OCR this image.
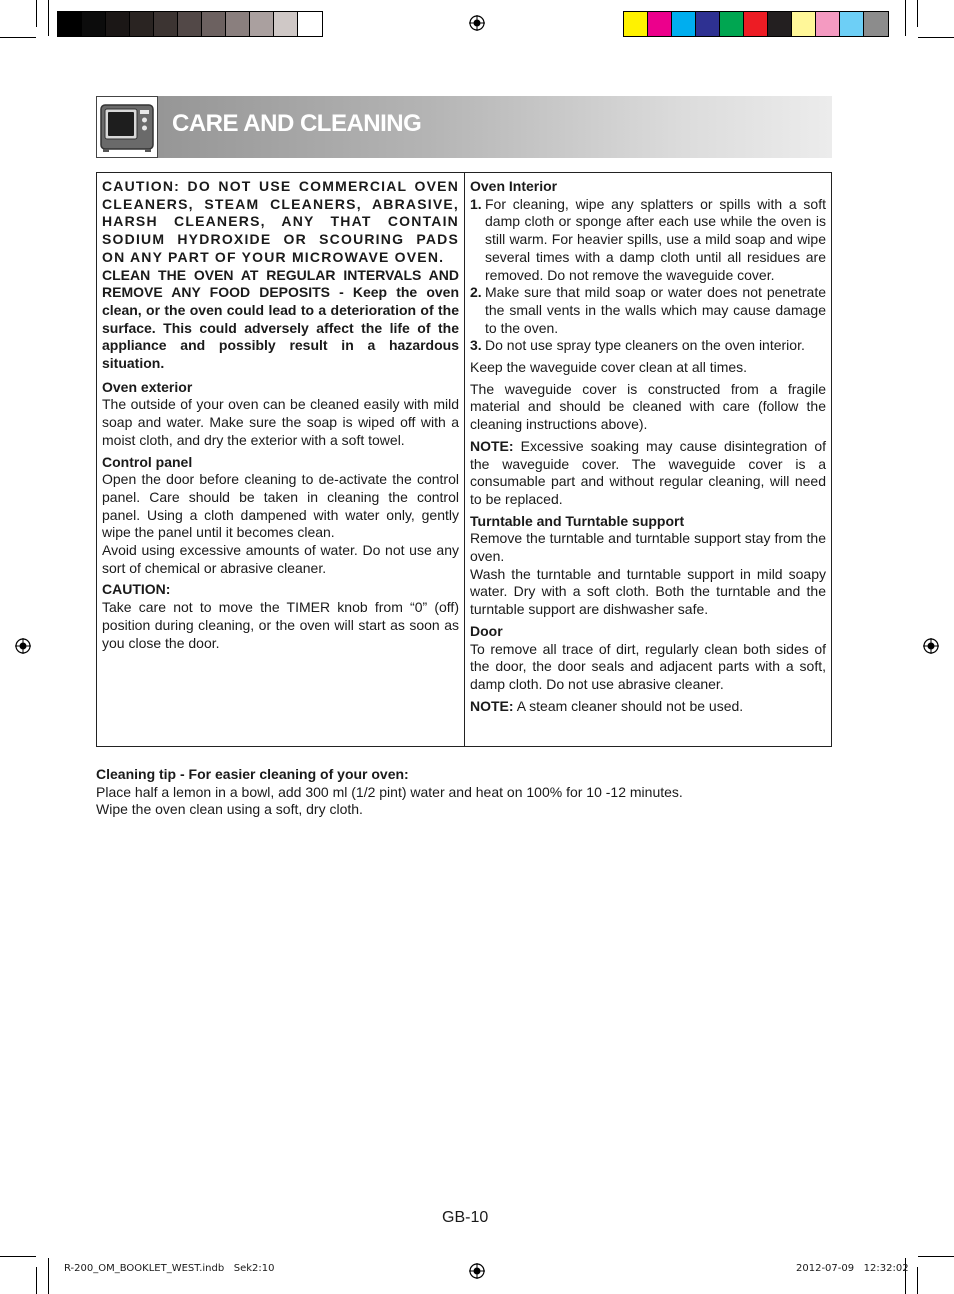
CARE AND CLEANING

CAUTION: DO NOT USE COMMERCIAL OVEN CLEANERS, STEAM CLEANERS, ABRASIVE, HARSH CLEANERS, ANY THAT CONTAIN SODIUM HYDROXIDE OR SCOURING PADS ON ANY PART OF YOUR MICROWAVE OVEN.

CLEAN THE OVEN AT REGULAR INTERVALS AND REMOVE ANY FOOD DEPOSITS - Keep the oven clean, or the oven could lead to a deterioration of the surface. This could adversely affect the life of the appliance and possibly result in a hazardous situation.

Oven exterior

The outside of your oven can be cleaned easily with mild soap and water. Make sure the soap is wiped off with a moist cloth, and dry the exterior with a soft towel.

Control panel

Open the door before cleaning to de-activate the control panel. Care should be taken in cleaning the control panel. Using a cloth dampened with water only, gently wipe the panel until it becomes clean.

Avoid using excessive amounts of water. Do not use any sort of chemical or abrasive cleaner.

CAUTION:

Take care not to move the TIMER knob from “0” (off) position during cleaning, or the oven will start as soon as you close the door.

Oven Interior

1. For cleaning, wipe any splatters or spills with a soft damp cloth or sponge after each use while the oven is still warm. For heavier spills, use a mild soap and wipe several times with a damp cloth until all residues are removed. Do not remove the waveguide cover.
2. Make sure that mild soap or water does not penetrate the small vents in the walls which may cause damage to the oven.
3. Do not use spray type cleaners on the oven interior.

Keep the waveguide cover clean at all times.

The waveguide cover is constructed from a fragile material and should be cleaned with care (follow the cleaning instructions above).

NOTE: Excessive soaking may cause disintegration of the waveguide cover. The waveguide cover is a consumable part and without regular cleaning, will need to be replaced.

Turntable and Turntable support

Remove the turntable and turntable support stay from the oven.

Wash the turntable and turntable support in mild soapy water. Dry with a soft cloth. Both the turntable and the turntable support are dishwasher safe.

Door

To remove all trace of dirt, regularly clean both sides of the door, the door seals and adjacent parts with a soft, damp cloth. Do not use abrasive cleaner.

NOTE: A steam cleaner should not be used.

Cleaning tip - For easier cleaning of your oven:

Place half a lemon in a bowl, add 300 ml (1/2 pint) water and heat on 100% for 10 -12 minutes.

Wipe the oven clean using a soft, dry cloth.

GB-10
R-200_OM_BOOKLET_WEST.indb   Sek2:10	2012-07-09   12:32:02
